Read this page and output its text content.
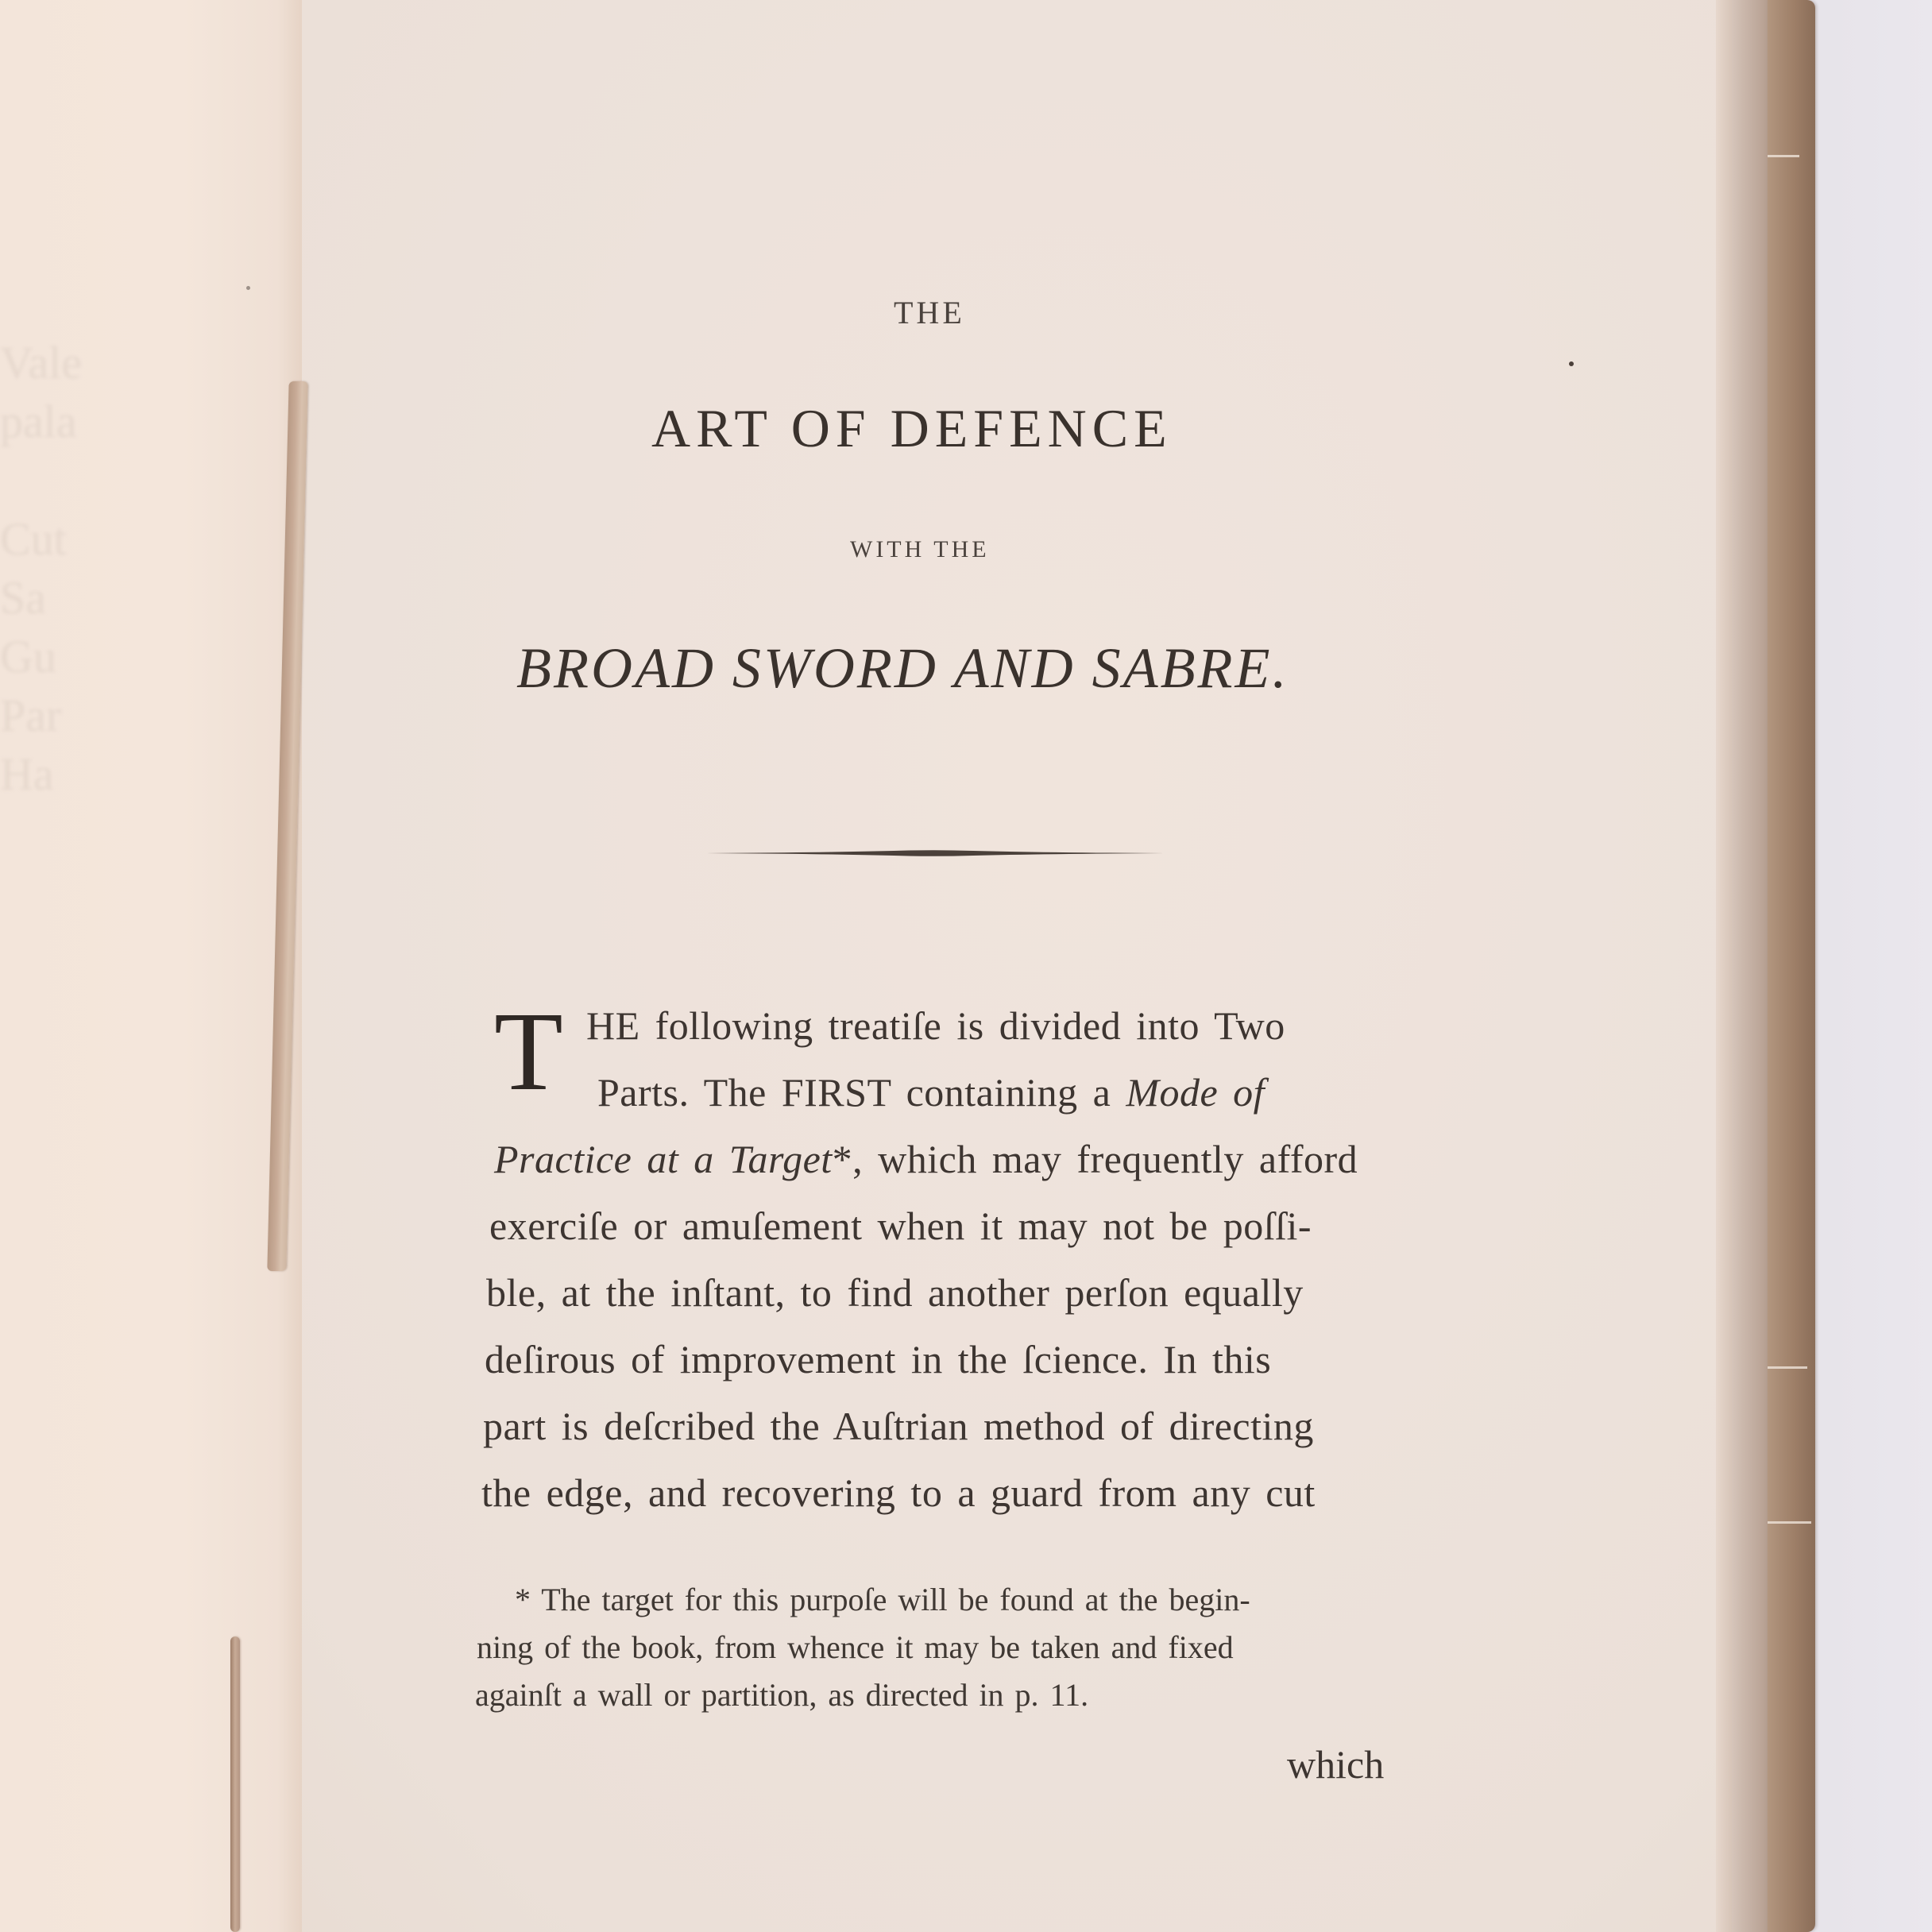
Vale
pala

Cut
Sa
Gu
Par
Ha
THE
ART OF DEFENCE
WITH THE
BROAD SWORD AND SABRE.
T HE following treatiſe is divided into Two
Parts. The FIRST containing a Mode of
Practice at a Target*, which may frequently afford
exerciſe or amuſement when it may not be poſſi-
ble, at the inſtant, to find another perſon equally
deſirous of improvement in the ſcience. In this
part is deſcribed the Auſtrian method of directing
the edge, and recovering to a guard from any cut
* The target for this purpoſe will be found at the begin-
ning of the book, from whence it may be taken and fixed
againſt a wall or partition, as directed in p. 11.
which
